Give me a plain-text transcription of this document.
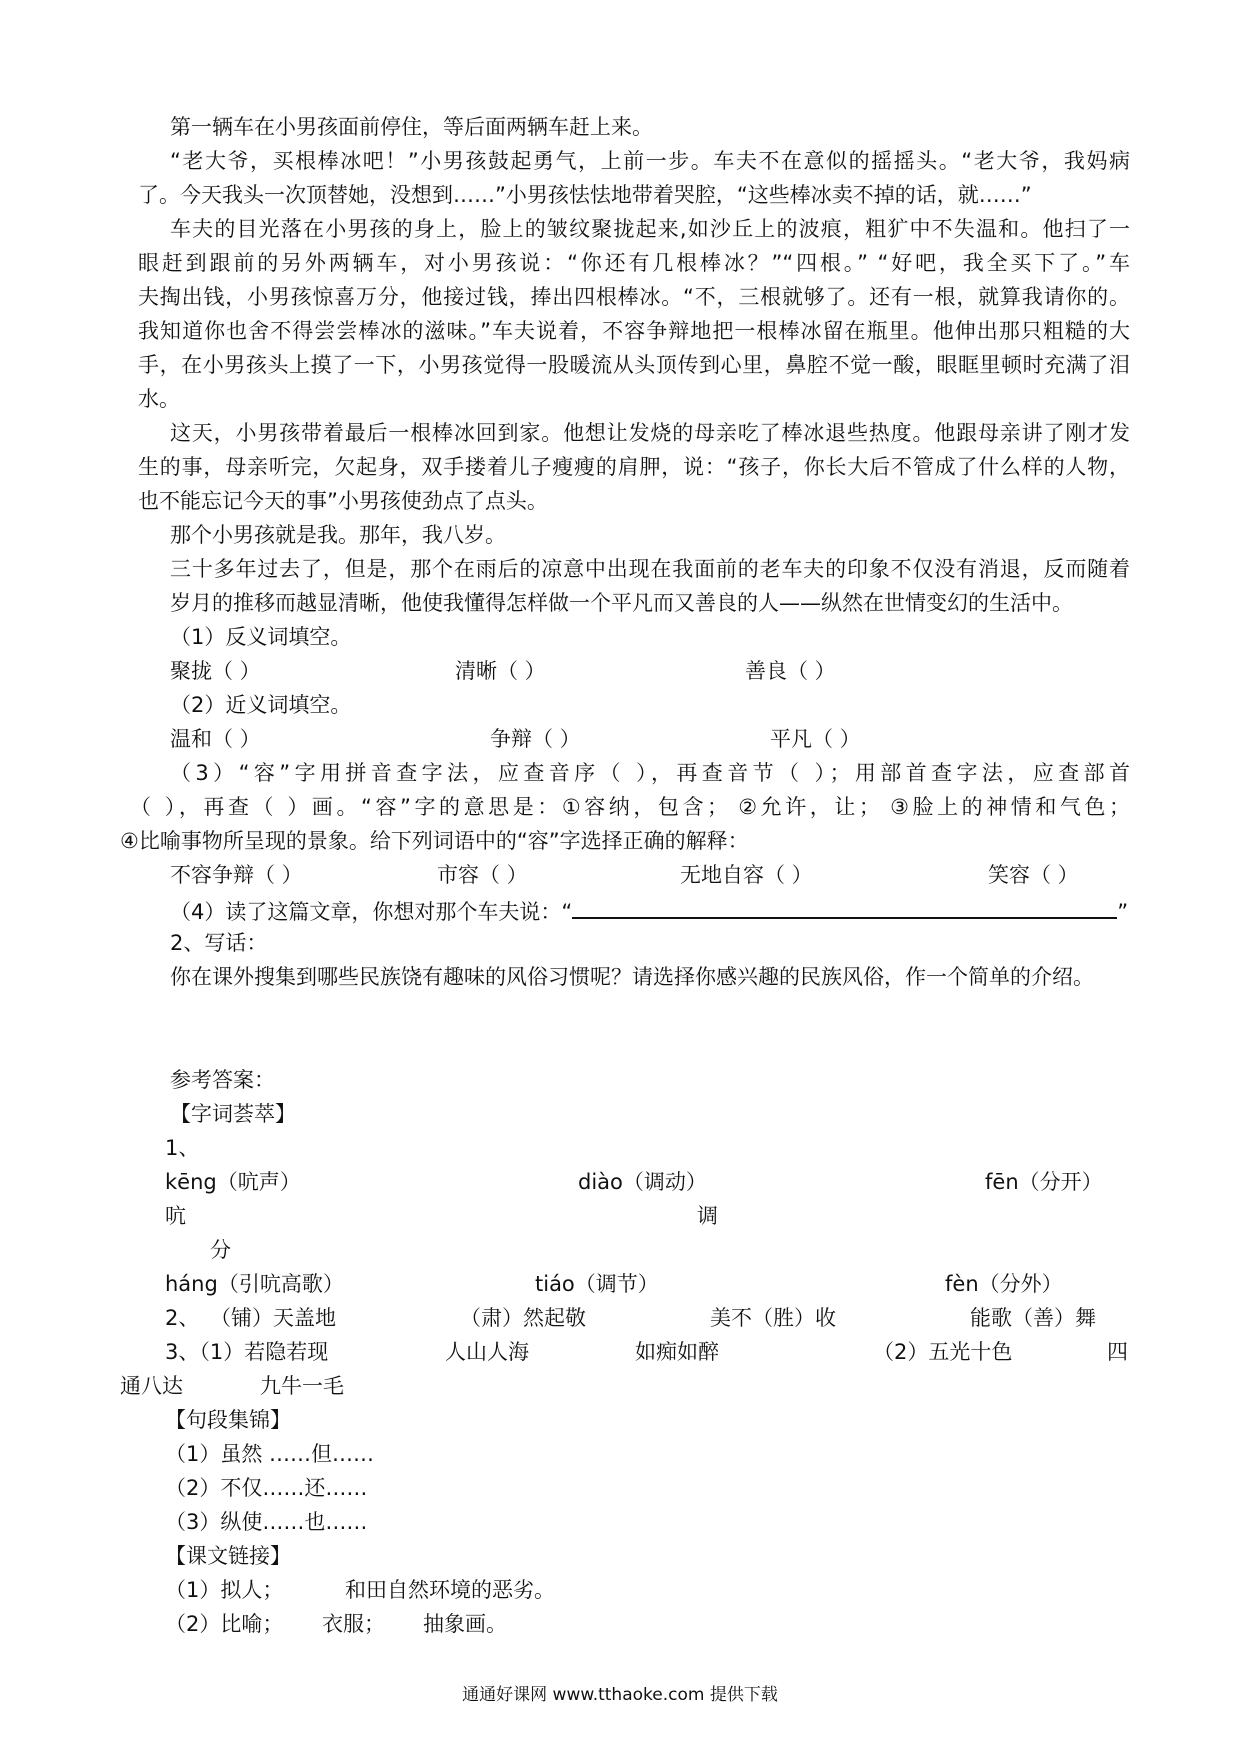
第一辆车在小男孩面前停住，等后面两辆车赶上来。
“老大爷，买根棒冰吧！”小男孩鼓起勇气，上前一步。车夫不在意似的摇摇头。“老大爷，我妈病
了。今天我头一次顶替她，没想到……”小男孩怯怯地带着哭腔，“这些棒冰卖不掉的话，就……”
车夫的目光落在小男孩的身上，脸上的皱纹聚拢起来,如沙丘上的波痕，粗犷中不失温和。他扫了一
眼赶到跟前的另外两辆车，对小男孩说：“你还有几根棒冰？”“四根。” “好吧，我全买下了。”车
夫掏出钱，小男孩惊喜万分，他接过钱，捧出四根棒冰。“不，三根就够了。还有一根，就算我请你的。
我知道你也舍不得尝尝棒冰的滋味。”车夫说着，不容争辩地把一根棒冰留在瓶里。他伸出那只粗糙的大
手，在小男孩头上摸了一下，小男孩觉得一股暖流从头顶传到心里，鼻腔不觉一酸，眼眶里顿时充满了泪
水。
这天，小男孩带着最后一根棒冰回到家。他想让发烧的母亲吃了棒冰退些热度。他跟母亲讲了刚才发
生的事，母亲听完，欠起身，双手搂着儿子瘦瘦的肩胛，说：“孩子，你长大后不管成了什么样的人物，
也不能忘记今天的事”小男孩使劲点了点头。
那个小男孩就是我。那年，我八岁。
三十多年过去了，但是，那个在雨后的凉意中出现在我面前的老车夫的印象不仅没有消退，反而随着
岁月的推移而越显清晰，他使我懂得怎样做一个平凡而又善良的人——纵然在世情变幻的生活中。
（1）反义词填空。
聚拢（ ）	清晰（ ）	善良（ ）
（2）近义词填空。
温和（ ）	争辩（ ）	平凡（ ）
（3）“容”字用拼音查字法，应查音序（ ），再查音节（ ）；用部首查字法，应查部首
（ ），再查（ ）画。“容”字的意思是：①容纳，包含； ②允许，让； ③脸上的神情和气色；
④比喻事物所呈现的景象。给下列词语中的“容”字选择正确的解释：
不容争辩（ ）	市容（ ）	无地自容（ ）	笑容（ ）
（4）读了这篇文章，你想对那个车夫说：“	”
2、写话：
你在课外搜集到哪些民族饶有趣味的风俗习惯呢？请选择你感兴趣的民族风俗，作一个简单的介绍。
参考答案：
【字词荟萃】
1、
kēng（吭声）	diào（调动）	fēn（分开）
吭	调
分
háng（引吭高歌）	tiáo（调节）	fèn（分外）
2、 （铺）天盖地	（肃）然起敬	美不（胜）收	能歌（善）舞
3、（1）若隐若现	人山人海	如痴如醉	（2）五光十色	四
通八达	九牛一毛
【句段集锦】
（1）虽然 ……但……
（2）不仅……还……
（3）纵使……也……
【课文链接】
（1）拟人；	和田自然环境的恶劣。
（2）比喻； 衣服； 抽象画。
通通好课网 www.tthaoke.com 提供下载
